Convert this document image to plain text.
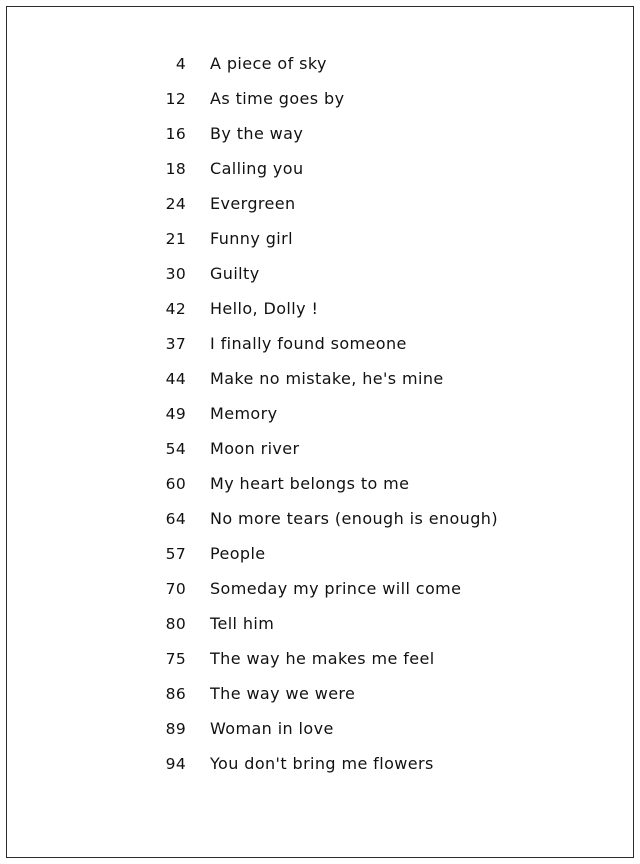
4 A piece of sky
12 As time goes by
16 By the way
18 Calling you
24 Evergreen
21 Funny girl
30 Guilty
42 Hello, Dolly !
37 I finally found someone
44 Make no mistake, he's mine
49 Memory
54 Moon river
60 My heart belongs to me
64 No more tears (enough is enough)
57 People
70 Someday my prince will come
80 Tell him
75 The way he makes me feel
86 The way we were
89 Woman in love
94 You don't bring me flowers
